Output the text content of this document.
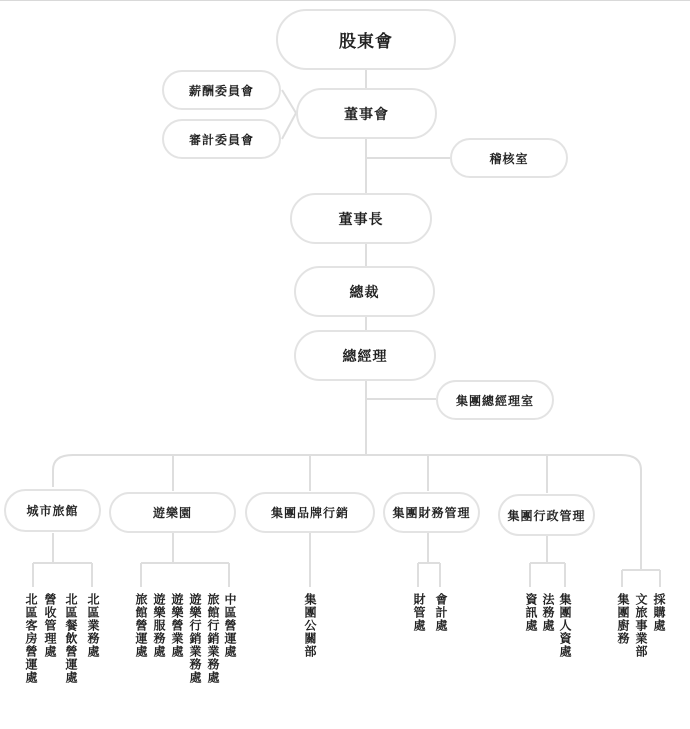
股東會
薪酬委員會
董事會
審計委員會
稽核室
董事長
總裁
總經理
集團總經理室
城市旅館	遊樂園	集團品牌行銷	集團財務管理	集團行政管理
北區客房營運處 營收管理處 北區餐飲營運處 北區業務處	旅館營運處 遊樂服務處 遊樂營業處 遊樂行銷業務處 旅館行銷業務處 中區營運處	集團公關部	財管處 會計處	資訊處 法務處 集團人資處	集團廚務 文旅事業部 採購處
